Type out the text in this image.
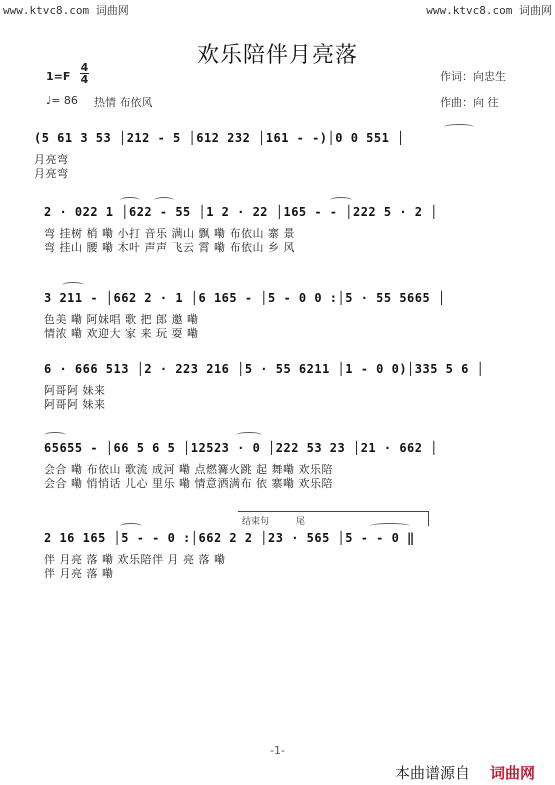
www.ktvc8.com 词曲网	www.ktvc8.com 词曲网
欢乐陪伴月亮落
1=F
4
4
♩= 86 热情 布依风
作词：向忠生
作曲：向 往
(5 61 3 53 │212 - 5 │612 232 │161 - -)│0 0 551 │
月亮弯
月亮弯
2 · 022 1 │622 - 55 │1 2 · 22 │165 - - │222 5 · 2 │
弯 挂树 梢 嘞 小打 音乐 满山 飘 嘞 布依山 寨 景
弯 挂山 腰 嘞 木叶 声声 飞云 霄 嘞 布依山 乡 风
3 211 - │662 2 · 1 │6 165 - │5 - 0 0 :│5 · 55 5665 │
色美 嘞 阿妹唱 歌 把 郎 邀 嘞
情浓 嘞 欢迎大 家 来 玩 耍 嘞
6 · 666 513 │2 · 223 216 │5 · 55 6211 │1 - 0 0)│335 5 6 │
阿哥阿 妹来
阿哥阿 妹来
65655 - │66 5 6 5 │12523 · 0 │222 53 23 │21 · 662 │
会合 嘞 布依山 歌流 成河 嘞 点燃篝火跳 起 舞嘞 欢乐陪
会合 嘞 悄悄话 儿心 里乐 嘞 情意洒满布 依 寨嘞 欢乐陪
结束句	尾
2 16 165 │5 - - 0 :│662 2 2 │23 · 565 │5 - - 0 ‖
伴 月亮 落 嘞 欢乐陪伴 月 亮 落 嘞
伴 月亮 落 嘞
-1-
本曲谱源自 词曲网
